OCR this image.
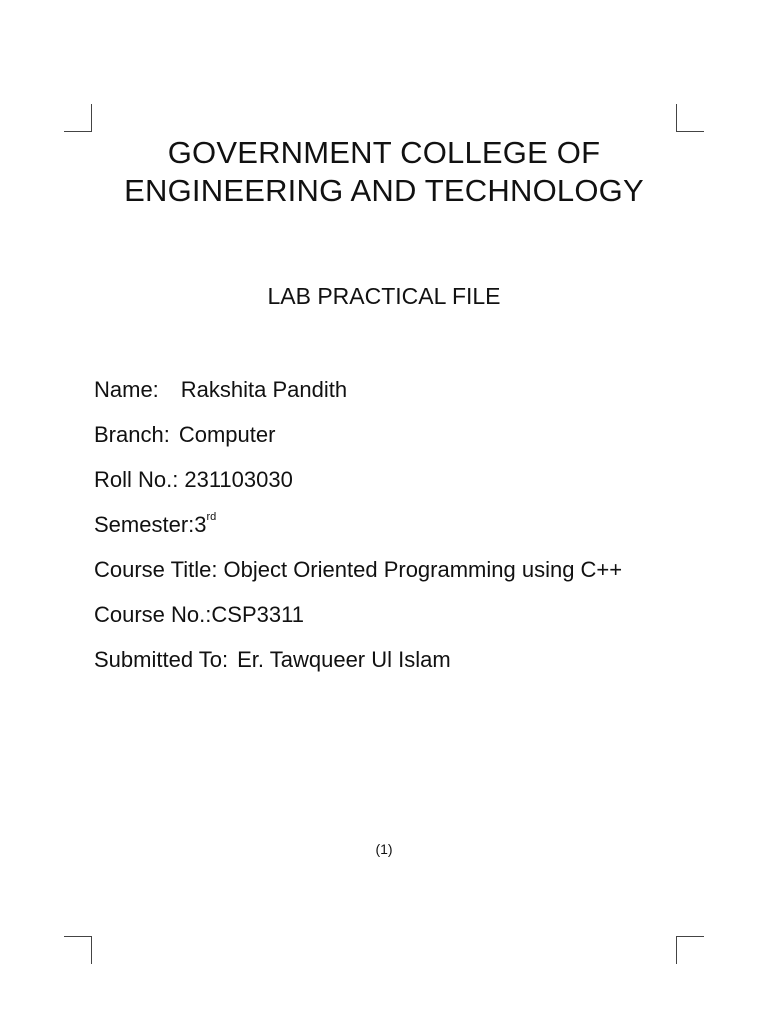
GOVERNMENT COLLEGE OF
ENGINEERING AND TECHNOLOGY
LAB PRACTICAL FILE
Name: Rakshita Pandith
Branch: Computer
Roll No.: 231103030
Semester:3rd
Course Title: Object Oriented Programming using C++
Course No.:CSP3311
Submitted To: Er. Tawqueer Ul Islam
(1)
